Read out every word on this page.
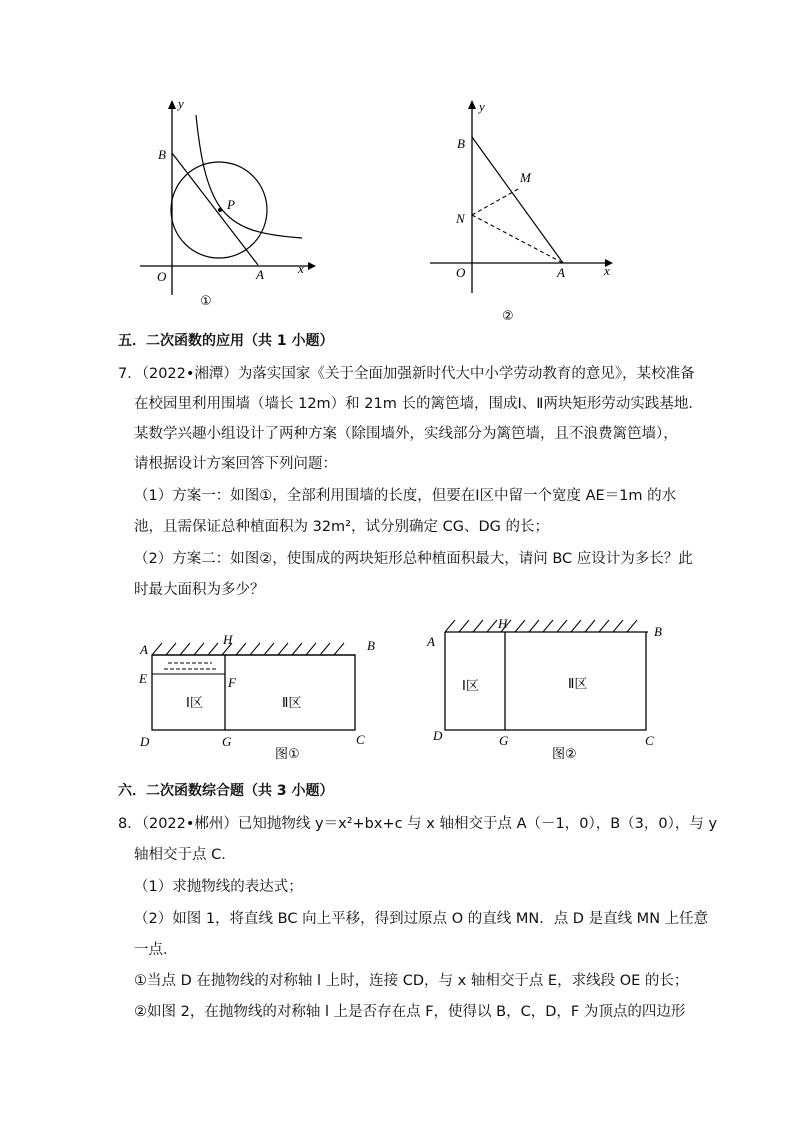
y
x
O
B
P
A
①
y
x
O
B
M
N
A
②
五．二次函数的应用（共 1 小题）
7．（2022•湘潭）为落实国家《关于全面加强新时代大中小学劳动教育的意见》，某校准备
在校园里利用围墙（墙长 12m）和 21m 长的篱笆墙，围成Ⅰ、Ⅱ两块矩形劳动实践基地．
某数学兴趣小组设计了两种方案（除围墙外，实线部分为篱笆墙，且不浪费篱笆墙），
请根据设计方案回答下列问题：
（1）方案一：如图①，全部利用围墙的长度，但要在Ⅰ区中留一个宽度 AE＝1m 的水
池，且需保证总种植面积为 32m²，试分别确定 CG、DG 的长；
（2）方案二：如图②，使围成的两块矩形总种植面积最大，请问 BC 应设计为多长？此
时最大面积为多少？
A
H	B
E	F
D	G	C
Ⅰ区	Ⅱ区
图①
A
H
B
D	G	C
Ⅰ区	Ⅱ区
图②
六．二次函数综合题（共 3 小题）
8．（2022•郴州）已知抛物线 y＝x²+bx+c 与 x 轴相交于点 A（－1，0），B（3，0），与 y
轴相交于点 C．
（1）求抛物线的表达式；
（2）如图 1，将直线 BC 向上平移，得到过原点 O 的直线 MN．点 D 是直线 MN 上任意
一点．
①当点 D 在抛物线的对称轴 l 上时，连接 CD，与 x 轴相交于点 E，求线段 OE 的长；
②如图 2，在抛物线的对称轴 l 上是否存在点 F，使得以 B，C，D，F 为顶点的四边形
